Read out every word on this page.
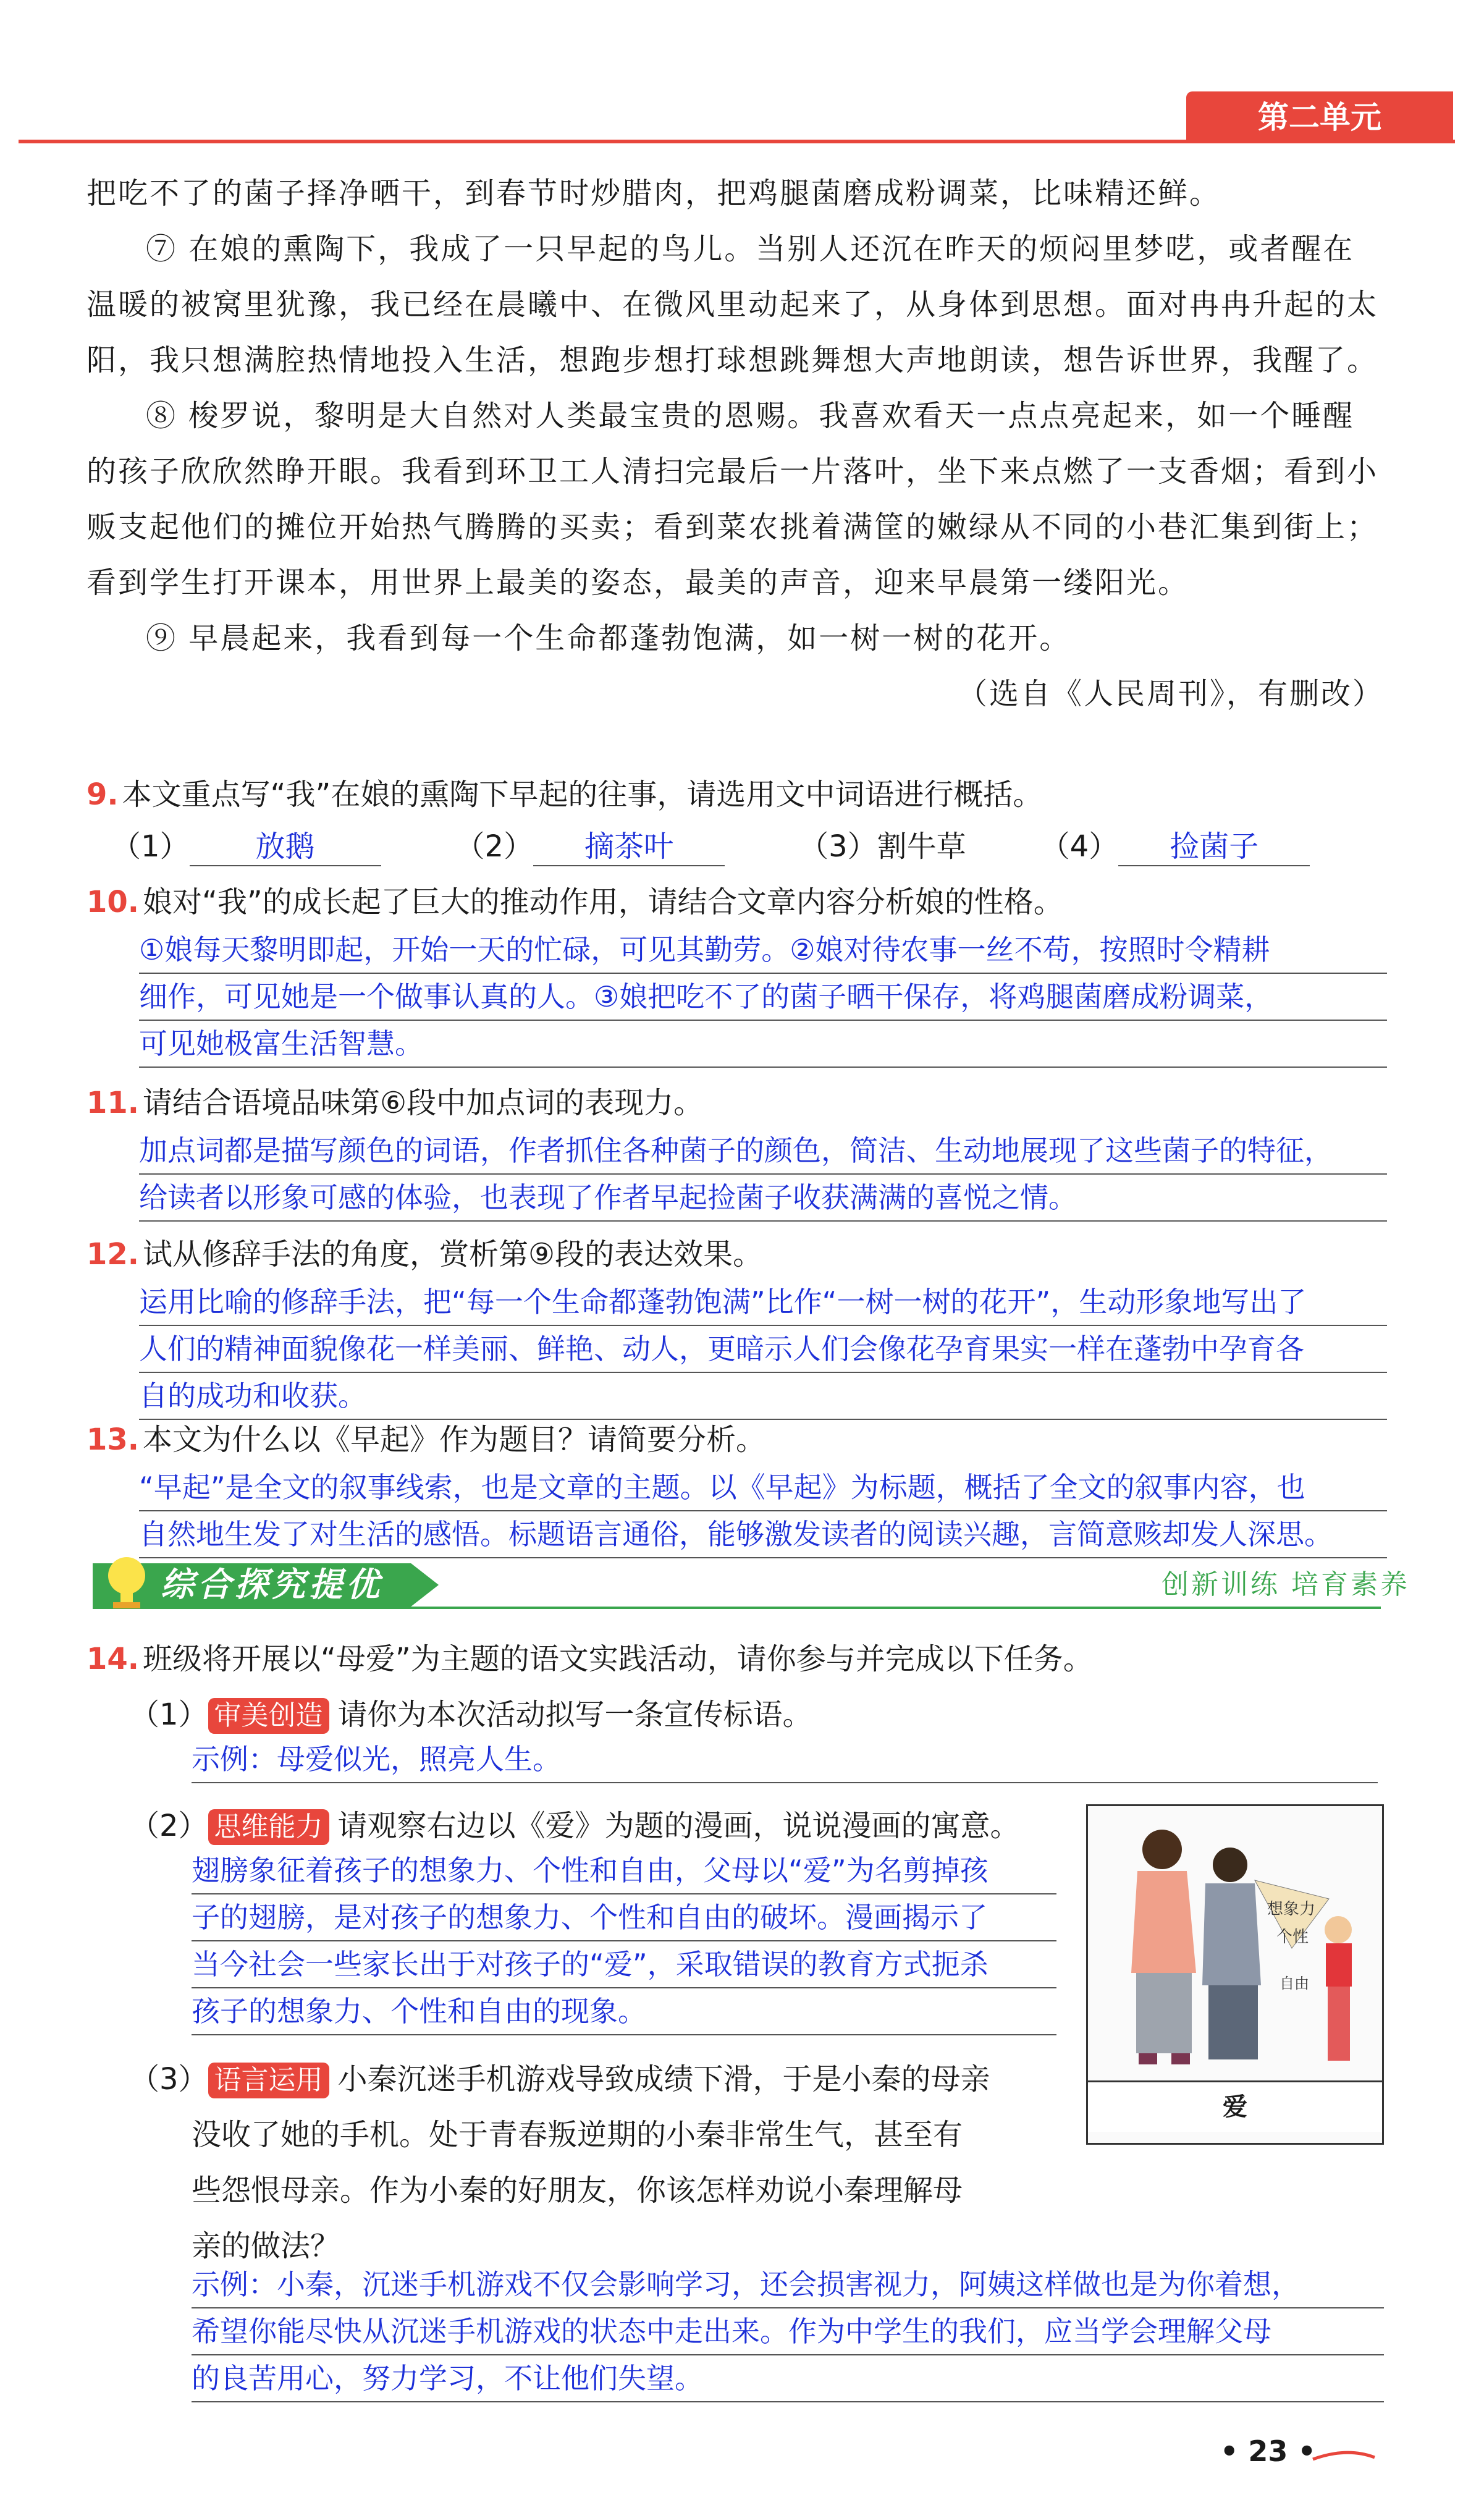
第二单元

把吃不了的菌子择净晒干，到春节时炒腊肉，把鸡腿菌磨成粉调菜，比味精还鲜。

⑦ 在娘的熏陶下，我成了一只早起的鸟儿。当别人还沉在昨天的烦闷里梦呓，或者醒在温暖的被窝里犹豫，我已经在晨曦中、在微风里动起来了，从身体到思想。面对冉冉升起的太阳，我只想满腔热情地投入生活，想跑步想打球想跳舞想大声地朗读，想告诉世界，我醒了。

⑧ 梭罗说，黎明是大自然对人类最宝贵的恩赐。我喜欢看天一点点亮起来，如一个睡醒的孩子欣欣然睁开眼。我看到环卫工人清扫完最后一片落叶，坐下来点燃了一支香烟；看到小贩支起他们的摊位开始热气腾腾的买卖；看到菜农挑着满筐的嫩绿从不同的小巷汇集到街上；看到学生打开课本，用世界上最美的姿态，最美的声音，迎来早晨第一缕阳光。

⑨ 早晨起来，我看到每一个生命都蓬勃饱满，如一树一树的花开。

（选自《人民周刊》，有删改）

9. 本文重点写“我”在娘的熏陶下早起的往事，请选用文中词语进行概括。
（1） 放鹅	（2） 摘茶叶	（3）割牛草	（4） 捡菌子
10. 娘对“我”的成长起了巨大的推动作用，请结合文章内容分析娘的性格。
①娘每天黎明即起，开始一天的忙碌，可见其勤劳。②娘对待农事一丝不苟，按照时令精耕
细作，可见她是一个做事认真的人。③娘把吃不了的菌子晒干保存，将鸡腿菌磨成粉调菜，
可见她极富生活智慧。
11. 请结合语境品味第⑥段中加点词的表现力。
加点词都是描写颜色的词语，作者抓住各种菌子的颜色，简洁、生动地展现了这些菌子的特征，
给读者以形象可感的体验，也表现了作者早起捡菌子收获满满的喜悦之情。
12. 试从修辞手法的角度，赏析第⑨段的表达效果。
运用比喻的修辞手法，把“每一个生命都蓬勃饱满”比作“一树一树的花开”，生动形象地写出了
人们的精神面貌像花一样美丽、鲜艳、动人，更暗示人们会像花孕育果实一样在蓬勃中孕育各
自的成功和收获。
13. 本文为什么以《早起》作为题目？请简要分析。
“早起”是全文的叙事线索，也是文章的主题。以《早起》为标题，概括了全文的叙事内容，也
自然地生发了对生活的感悟。标题语言通俗，能够激发读者的阅读兴趣，言简意赅却发人深思。
综合探究提优	创新训练 培育素养
14. 班级将开展以“母爱”为主题的语文实践活动，请你参与并完成以下任务。
（1） 审美创造 请你为本次活动拟写一条宣传标语。
示例：母爱似光，照亮人生。
（2） 思维能力 请观察右边以《爱》为题的漫画，说说漫画的寓意。
翅膀象征着孩子的想象力、个性和自由，父母以“爱”为名剪掉孩
子的翅膀，是对孩子的想象力、个性和自由的破坏。漫画揭示了
当今社会一些家长出于对孩子的“爱”，采取错误的教育方式扼杀
孩子的想象力、个性和自由的现象。
（3） 语言运用 小秦沉迷手机游戏导致成绩下滑，于是小秦的母亲
没收了她的手机。处于青春叛逆期的小秦非常生气，甚至有
些怨恨母亲。作为小秦的好朋友，你该怎样劝说小秦理解母
亲的做法？
示例：小秦，沉迷手机游戏不仅会影响学习，还会损害视力，阿姨这样做也是为你着想，
希望你能尽快从沉迷手机游戏的状态中走出来。作为中学生的我们，应当学会理解父母
的良苦用心，努力学习，不让他们失望。
想象力
个性
自由
爱
• 23 •
